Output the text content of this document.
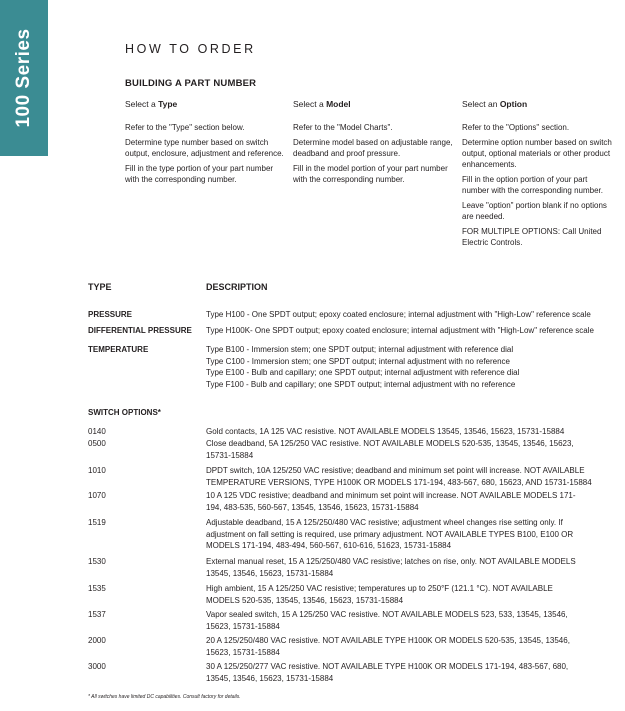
100 Series	HOW TO ORDER
BUILDING A PART NUMBER
Select a Type

Refer to the "Type" section below.

Determine type number based on switch output, enclosure, adjustment and reference.

Fill in the type portion of your part number with the corresponding number.

Select a Model

Refer to the "Model Charts".

Determine model based on adjustable range, deadband and proof pressure.

Fill in the model portion of your part number with the corresponding number.

Select an Option

Refer to the "Options" section.

Determine option number based on switch output, optional materials or other product enhancements.

Fill in the option portion of your part number with the corresponding number.

Leave "option" portion blank if no options are needed.

FOR MULTIPLE OPTIONS: Call United Electric Controls.

TYPE	DESCRIPTION
PRESSURE	Type H100 - One SPDT output; epoxy coated enclosure; internal adjustment with "High-Low" reference scale
DIFFERENTIAL PRESSURE	Type H100K- One SPDT output; epoxy coated enclosure; internal adjustment with "High-Low" reference scale
TEMPERATURE	Type B100 - Immersion stem; one SPDT output; internal adjustment with reference dial
Type C100 - Immersion stem; one SPDT output; internal adjustment with no reference
Type E100 - Bulb and capillary; one SPDT output; internal adjustment with reference dial
Type F100 - Bulb and capillary; one SPDT output; internal adjustment with no reference
SWITCH OPTIONS*
0140	Gold contacts, 1A 125 VAC resistive. NOT AVAILABLE MODELS 13545, 13546, 15623, 15731-15884
0500	Close deadband, 5A 125/250 VAC resistive. NOT AVAILABLE MODELS 520-535, 13545, 13546, 15623,
15731-15884
1010	DPDT switch, 10A 125/250 VAC resistive; deadband and minimum set point will increase. NOT AVAILABLE
TEMPERATURE VERSIONS, TYPE H100K OR MODELS 171-194, 483-567, 680, 15623, AND 15731-15884
1070	10 A 125 VDC resistive; deadband and minimum set point will increase. NOT AVAILABLE MODELS 171-
194, 483-535, 560-567, 13545, 13546, 15623, 15731-15884
1519	Adjustable deadband, 15 A 125/250/480 VAC resistive; adjustment wheel changes rise setting only. If
adjustment on fall setting is required, use primary adjustment. NOT AVAILABLE TYPES B100, E100 OR
MODELS 171-194, 483-494, 560-567, 610-616, 51623, 15731-15884
1530	External manual reset, 15 A 125/250/480 VAC resistive; latches on rise, only. NOT AVAILABLE MODELS
13545, 13546, 15623, 15731-15884
1535	High ambient, 15 A 125/250 VAC resistive; temperatures up to 250°F (121.1 °C). NOT AVAILABLE
MODELS 520-535, 13545, 13546, 15623, 15731-15884
1537	Vapor sealed switch, 15 A 125/250 VAC resistive. NOT AVAILABLE MODELS 523, 533, 13545, 13546,
15623, 15731-15884
2000	20 A 125/250/480 VAC resistive. NOT AVAILABLE TYPE H100K OR MODELS 520-535, 13545, 13546,
15623, 15731-15884
3000	30 A 125/250/277 VAC resistive. NOT AVAILABLE TYPE H100K OR MODELS 171-194, 483-567, 680,
13545, 13546, 15623, 15731-15884
* All switches have limited DC capabilities. Consult factory for details.
